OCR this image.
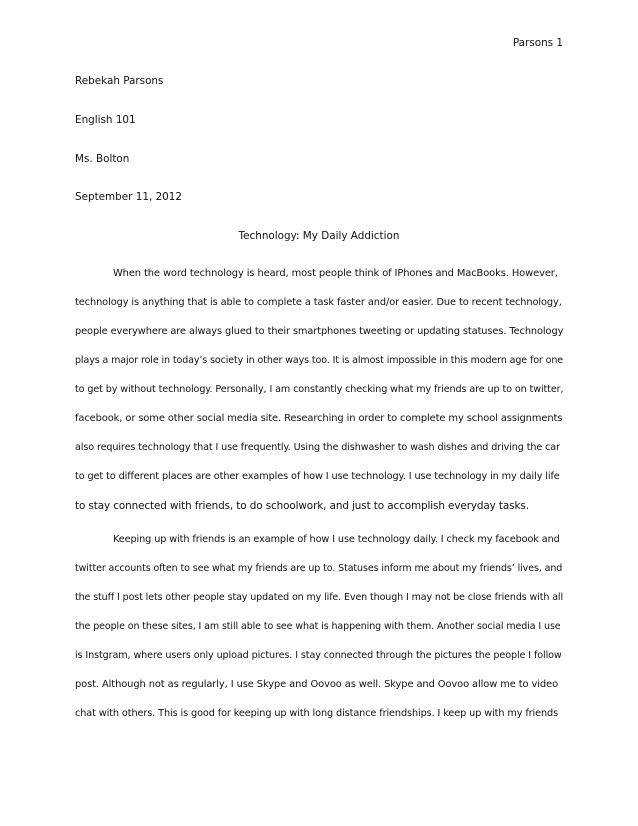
Parsons 1
Rebekah Parsons
English 101
Ms. Bolton
September 11, 2012
Technology: My Daily Addiction
When the word technology is heard, most people think of IPhones and MacBooks. However,
technology is anything that is able to complete a task faster and/or easier. Due to recent technology,
people everywhere are always glued to their smartphones tweeting or updating statuses. Technology
plays a major role in today’s society in other ways too. It is almost impossible in this modern age for one
to get by without technology. Personally, I am constantly checking what my friends are up to on twitter,
facebook, or some other social media site. Researching in order to complete my school assignments
also requires technology that I use frequently. Using the dishwasher to wash dishes and driving the car
to get to different places are other examples of how I use technology. I use technology in my daily life
to stay connected with friends, to do schoolwork, and just to accomplish everyday tasks.
Keeping up with friends is an example of how I use technology daily. I check my facebook and
twitter accounts often to see what my friends are up to. Statuses inform me about my friends’ lives, and
the stuff I post lets other people stay updated on my life. Even though I may not be close friends with all
the people on these sites, I am still able to see what is happening with them. Another social media I use
is Instgram, where users only upload pictures. I stay connected through the pictures the people I follow
post. Although not as regularly, I use Skype and Oovoo as well. Skype and Oovoo allow me to video
chat with others. This is good for keeping up with long distance friendships. I keep up with my friends
